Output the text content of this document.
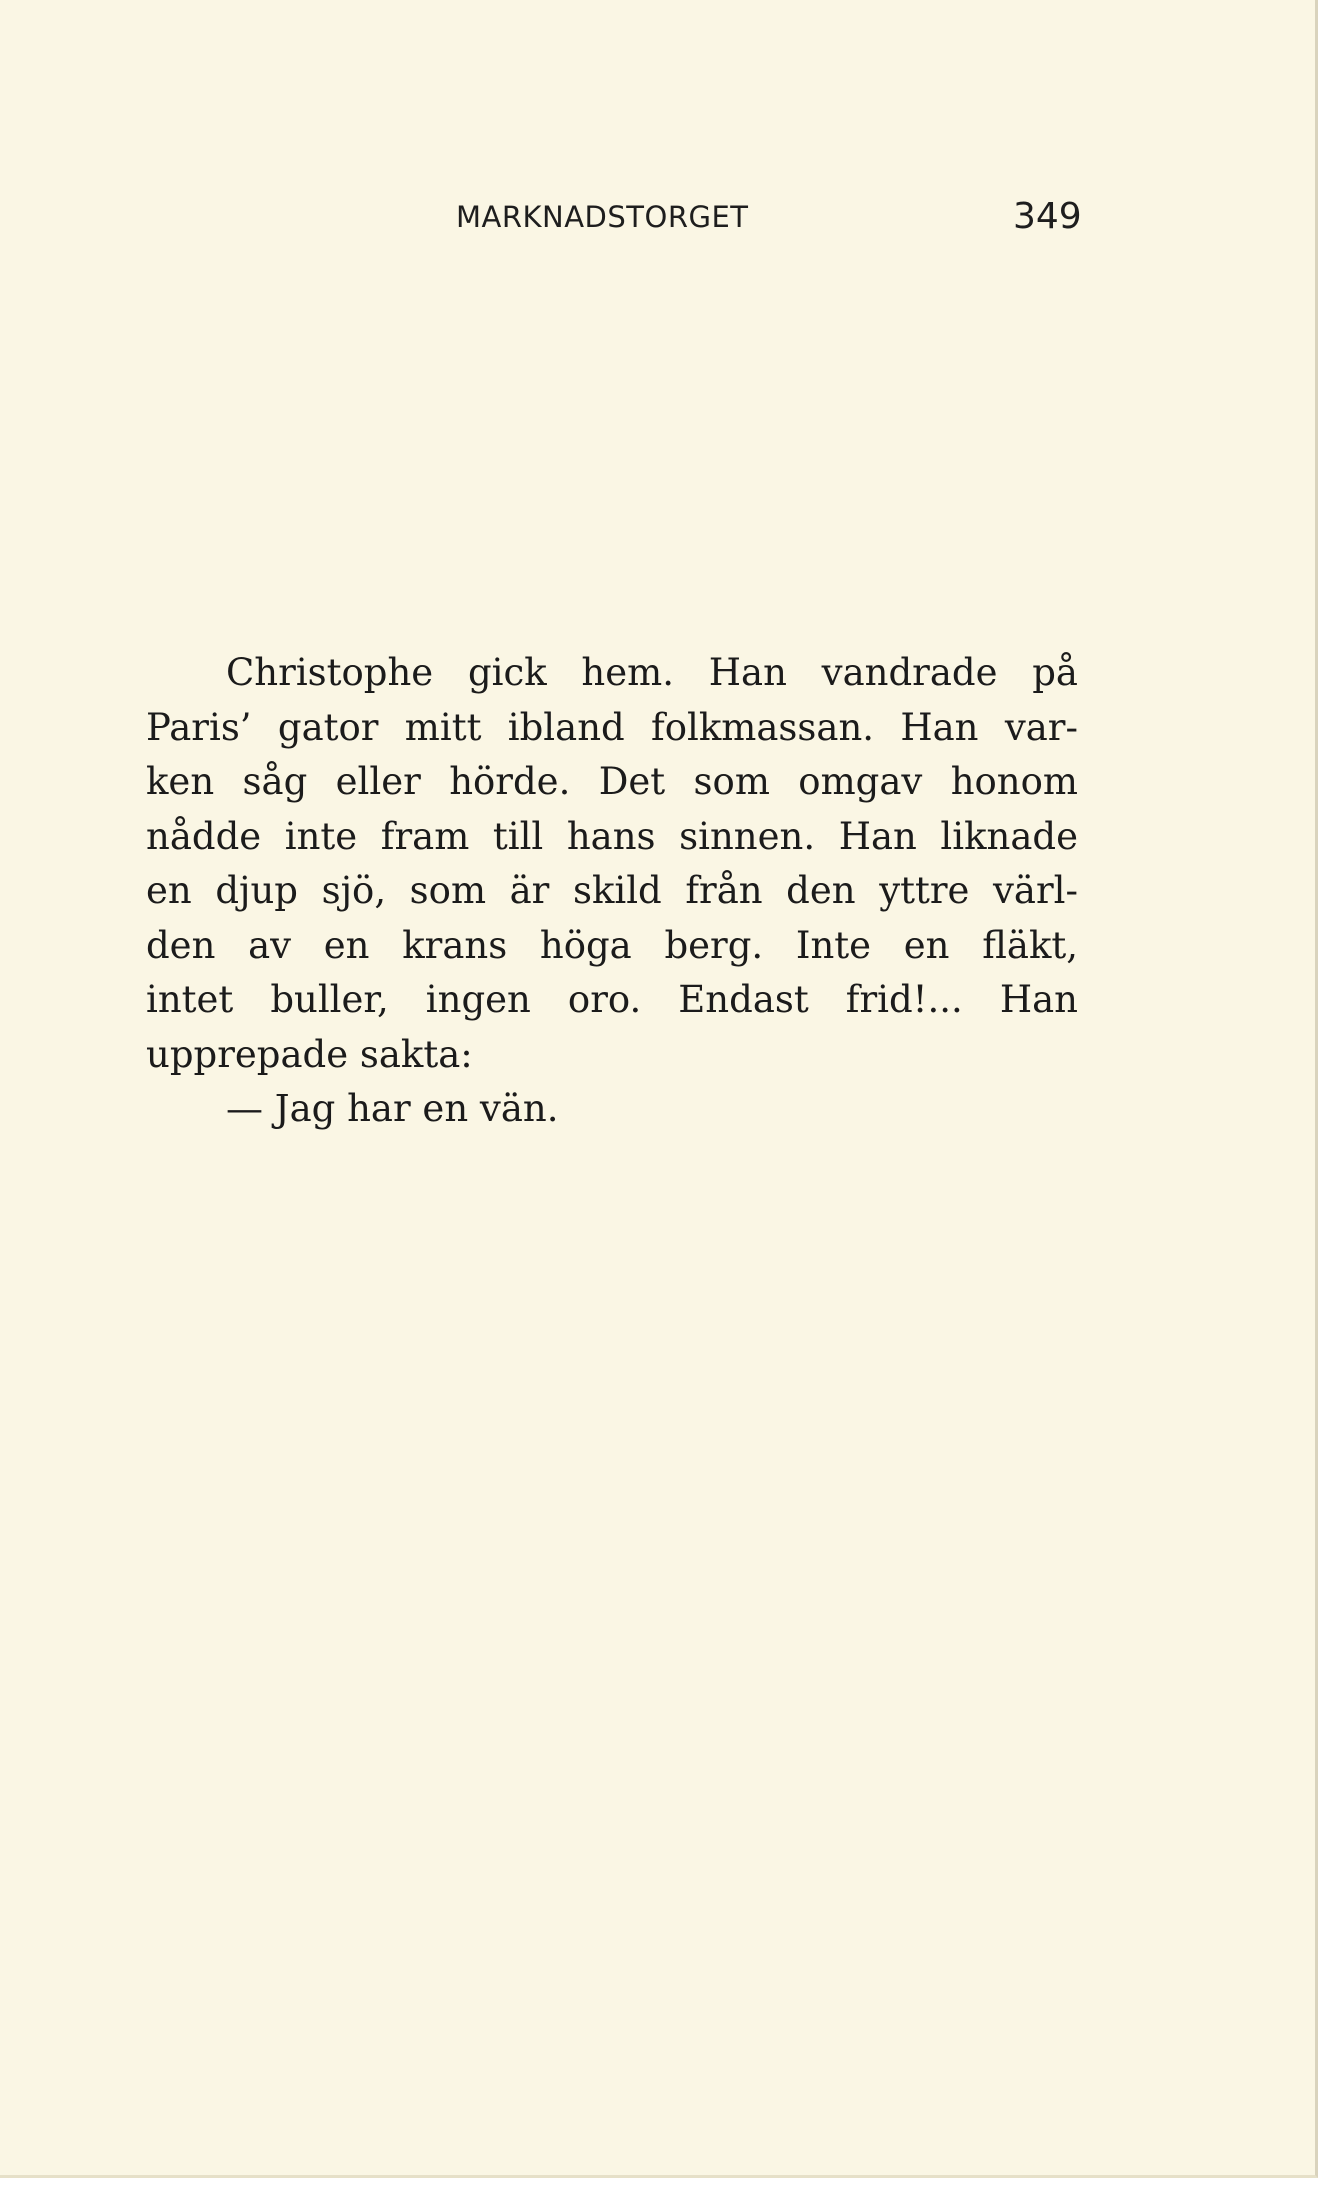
MARKNADSTORGET	349
Christophe gick hem. Han vandrade på
Paris’ gator mitt ibland folkmassan. Han var-
ken såg eller hörde. Det som omgav honom
nådde inte fram till hans sinnen. Han liknade
en djup sjö, som är skild från den yttre värl-
den av en krans höga berg. Inte en fläkt,
intet buller, ingen oro. Endast frid!... Han
upprepade sakta:
— Jag har en vän.
